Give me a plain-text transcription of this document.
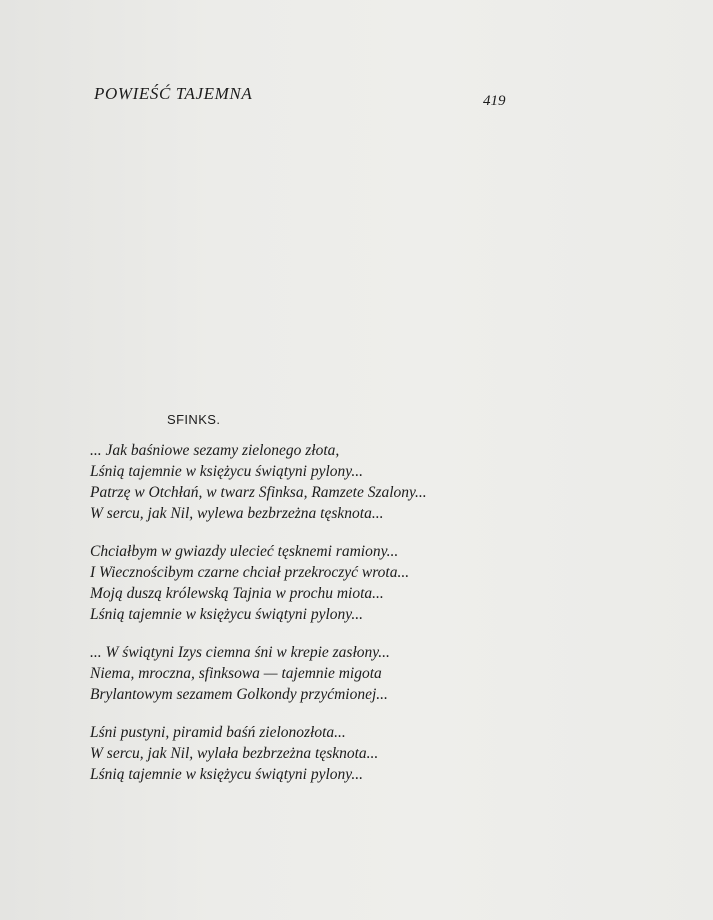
POWIEŚĆ TAJEMNA	419
SFINKS.
... Jak baśniowe sezamy zielonego złota,
Lśnią tajemnie w księżycu świątyni pylony...
Patrzę w Otchłań, w twarz Sfinksa, Ramzete Szalony...
W sercu, jak Nil, wylewa bezbrzeżna tęsknota...
Chciałbym w gwiazdy ulecieć tęsknemi ramiony...
I Wiecznościbym czarne chciał przekroczyć wrota...
Moją duszą królewską Tajnia w prochu miota...
Lśnią tajemnie w księżycu świątyni pylony...
... W świątyni Izys ciemna śni w krepie zasłony...
Niema, mroczna, sfinksowa — tajemnie migota
Brylantowym sezamem Golkondy przyćmionej...
Lśni pustyni, piramid baśń zielonozłota...
W sercu, jak Nil, wylała bezbrzeżna tęsknota...
Lśnią tajemnie w księżycu świątyni pylony...
